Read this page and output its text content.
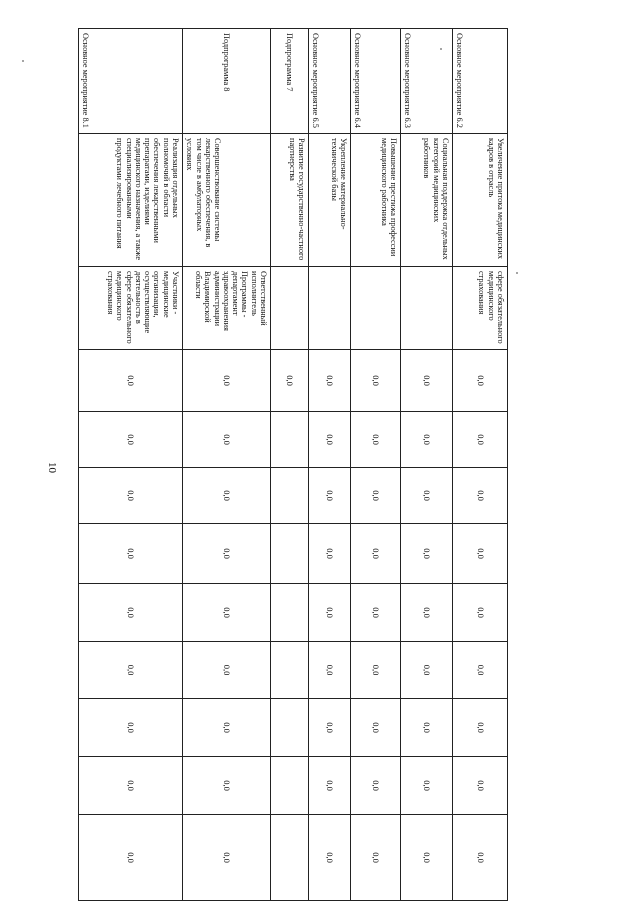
10
Основное мероприятие 6.2	Увеличение притока медицинских кадров в отрасль	сфере обязательного медицинского страхования	0,0	0,0	0,0	0,0	0,0	0,0	0,0	0,0	0,0
Основное мероприятие 6.3	Социальная поддержка отдельных категорий медицинских работников		0,0	0,0	0,0	0,0	0,0	0,0	0,0	0,0	0,0
Основное мероприятие 6.4	Повышение престижа профессии медицинского работника		0,0	0,0	0,0	0,0	0,0	0,0	0,0	0,0	0,0
Основное мероприятие 6.5	Укрепление материально-технической базы		0,0	0,0	0,0	0,0	0,0	0,0	0,0	0,0	0,0
Подпрограмма 7	Развитие государственно-частного партнерства		0,0								
Подпрограмма 8	Совершенствование системы лекарственного обеспечения, в том числе в амбулаторных условиях	Ответственный исполнитель Программы - департамент здравоохранения администрации Владимирской области	0,0	0,0	0,0	0,0	0,0	0,0	0,0	0,0	0,0
Основное мероприятие 8.1	Реализация отдельных полномочий в области обеспечения лекарственными препаратами, изделиями медицинского назначения, а также специализированными продуктами лечебного питания	Участники - медицинские организации, осуществляющие деятельность в сфере обязательного медицинского страхования	0,0	0,0	0,0	0,0	0,0	0,0	0,0	0,0	0,0
